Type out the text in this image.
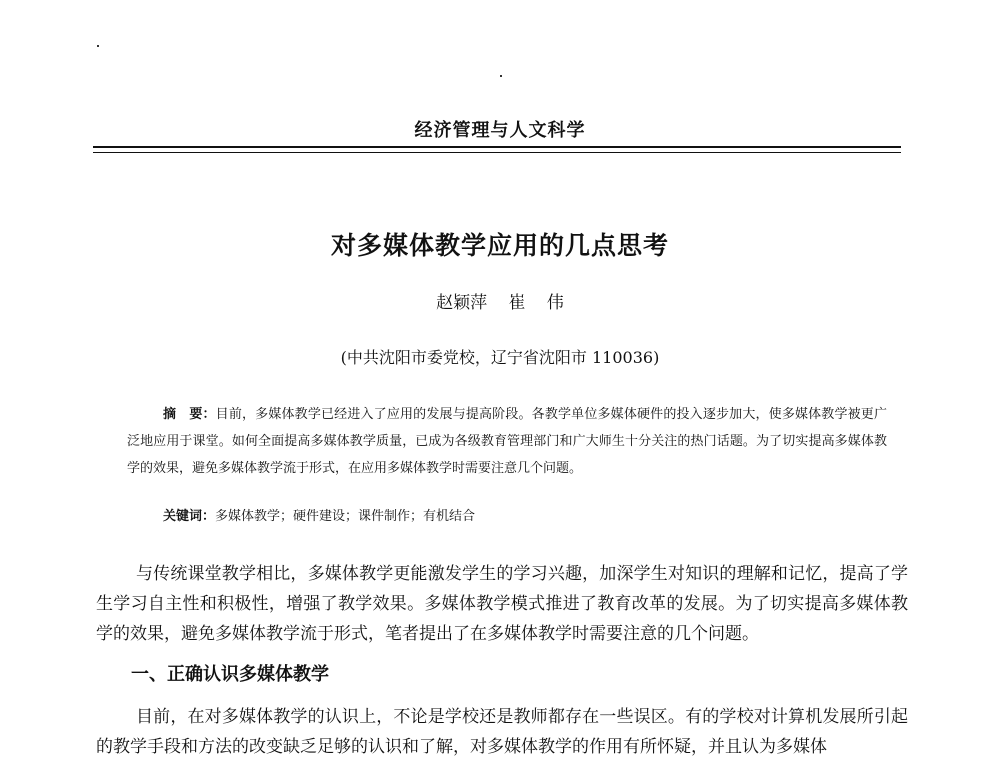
经济管理与人文科学
对多媒体教学应用的几点思考
赵颖萍 崔 伟
(中共沈阳市委党校，辽宁省沈阳市 110036)
摘　要：目前，多媒体教学已经进入了应用的发展与提高阶段。各教学单位多媒体硬件的投入逐步加大，使多媒体教学被更广泛地应用于课堂。如何全面提高多媒体教学质量，已成为各级教育管理部门和广大师生十分关注的热门话题。为了切实提高多媒体教学的效果，避免多媒体教学流于形式，在应用多媒体教学时需要注意几个问题。
关键词：多媒体教学；硬件建设；课件制作；有机结合
与传统课堂教学相比，多媒体教学更能激发学生的学习兴趣，加深学生对知识的理解和记忆，提高了学生学习自主性和积极性，增强了教学效果。多媒体教学模式推进了教育改革的发展。为了切实提高多媒体教学的效果，避免多媒体教学流于形式，笔者提出了在多媒体教学时需要注意的几个问题。
一、正确认识多媒体教学
目前，在对多媒体教学的认识上，不论是学校还是教师都存在一些误区。有的学校对计算机发展所引起的教学手段和方法的改变缺乏足够的认识和了解，对多媒体教学的作用有所怀疑，并且认为多媒体
